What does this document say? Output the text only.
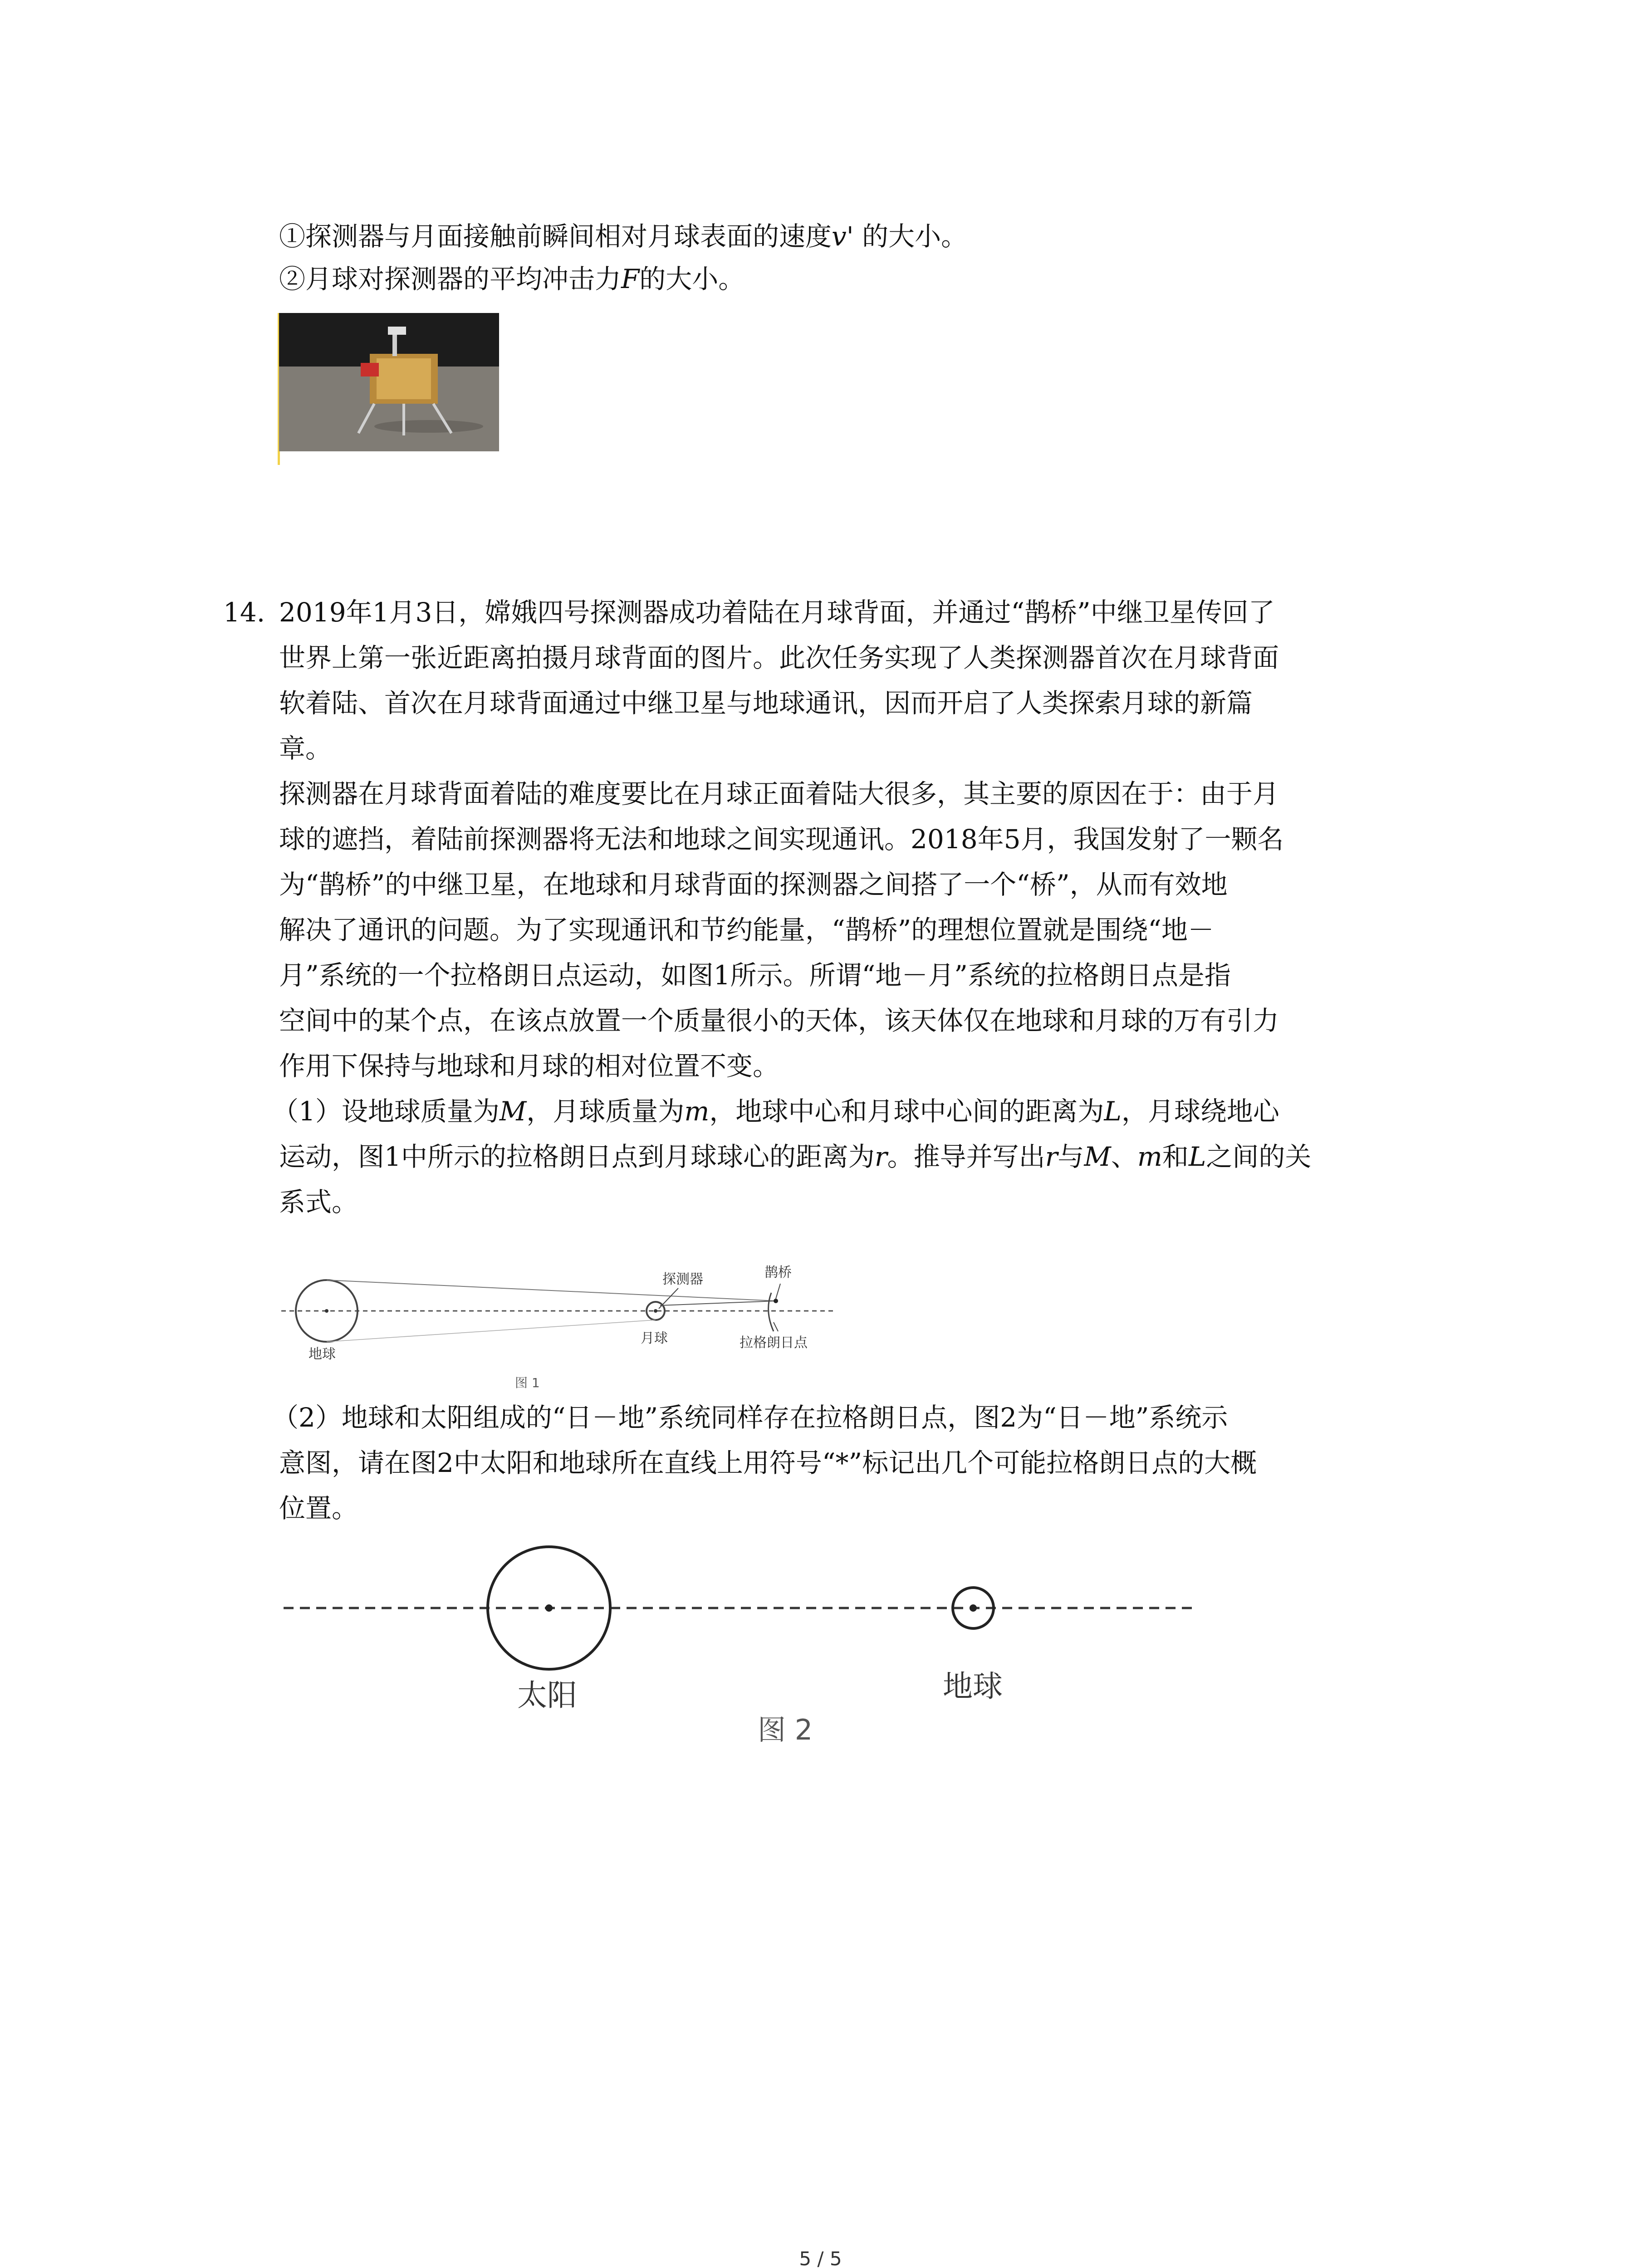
①探测器与月面接触前瞬间相对月球表面的速度v' 的大小。
②月球对探测器的平均冲击力F的大小。
14. 2019年1月3日，嫦娥四号探测器成功着陆在月球背面，并通过“鹊桥”中继卫星传回了
世界上第一张近距离拍摄月球背面的图片。此次任务实现了人类探测器首次在月球背面
软着陆、首次在月球背面通过中继卫星与地球通讯，因而开启了人类探索月球的新篇
章。
探测器在月球背面着陆的难度要比在月球正面着陆大很多，其主要的原因在于：由于月
球的遮挡，着陆前探测器将无法和地球之间实现通讯。2018年5月，我国发射了一颗名
为“鹊桥”的中继卫星，在地球和月球背面的探测器之间搭了一个“桥”，从而有效地
解决了通讯的问题。为了实现通讯和节约能量，“鹊桥”的理想位置就是围绕“地－
月”系统的一个拉格朗日点运动，如图1所示。所谓“地－月”系统的拉格朗日点是指
空间中的某个点，在该点放置一个质量很小的天体，该天体仅在地球和月球的万有引力
作用下保持与地球和月球的相对位置不变。
（1）设地球质量为M，月球质量为m，地球中心和月球中心间的距离为L，月球绕地心
运动，图1中所示的拉格朗日点到月球球心的距离为r。推导并写出r与M、m和L之间的关
系式。
地球
月球
探测器	鹊桥
拉格朗日点
图 1
（2）地球和太阳组成的“日－地”系统同样存在拉格朗日点，图2为“日－地”系统示
意图，请在图2中太阳和地球所在直线上用符号“*”标记出几个可能拉格朗日点的大概
位置。
太阳	地球
图 2
5 / 5
